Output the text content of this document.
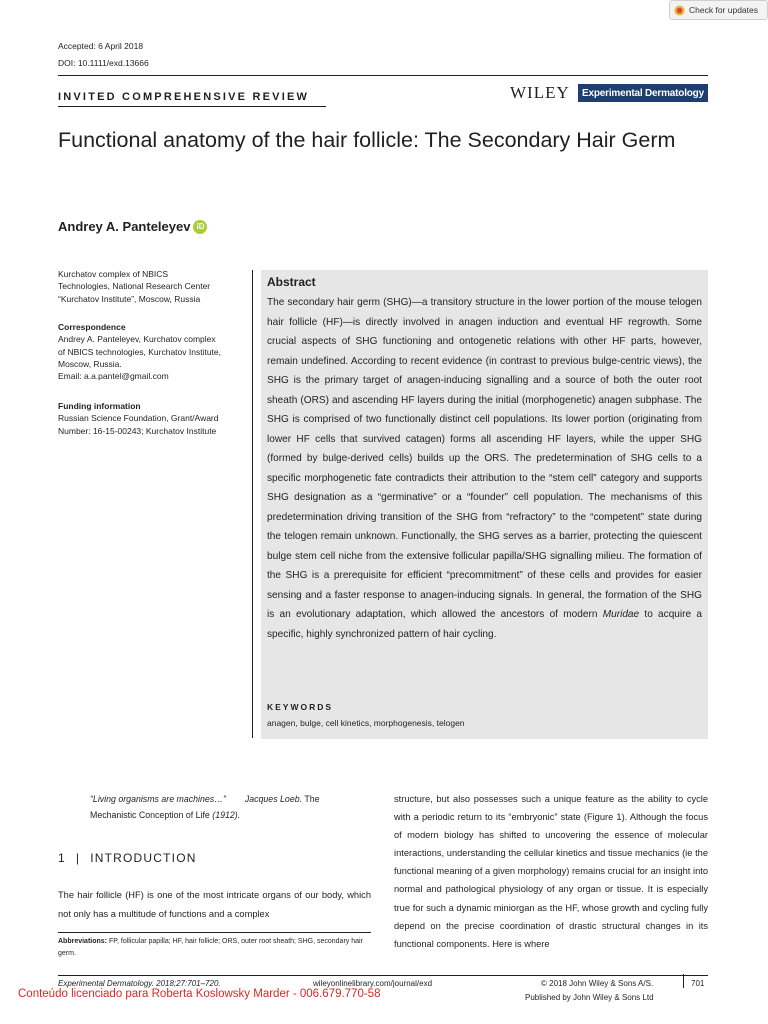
Check for updates
Accepted: 6 April 2018
DOI: 10.1111/exd.13666
INVITED COMPREHENSIVE REVIEW	WILEY	Experimental Dermatology
Functional anatomy of the hair follicle: The Secondary Hair Germ
Andrey A. Panteleyev iD
Kurchatov complex of NBICS
Technologies, National Research Center
“Kurchatov Institute”, Moscow, Russia
Correspondence
Andrey A. Panteleyev, Kurchatov complex
of NBICS technologies, Kurchatov Institute,
Moscow, Russia.
Email: a.a.pantel@gmail.com
Funding information
Russian Science Foundation, Grant/Award
Number: 16-15-00243; Kurchatov Institute
Abstract
The secondary hair germ (SHG)—a transitory structure in the lower portion of the mouse telogen hair follicle (HF)—is directly involved in anagen induction and eventual HF regrowth. Some crucial aspects of SHG functioning and ontogenetic relations with other HF parts, however, remain undefined. According to recent evidence (in contrast to previous bulge-centric views), the SHG is the primary target of anagen-inducing signalling and a source of both the outer root sheath (ORS) and ascending HF layers during the initial (morphogenetic) anagen subphase. The SHG is comprised of two functionally distinct cell populations. Its lower portion (originating from lower HF cells that survived catagen) forms all ascending HF layers, while the upper SHG (formed by bulge-derived cells) builds up the ORS. The predetermination of SHG cells to a specific morphogenetic fate contradicts their attribution to the “stem cell” category and supports SHG designation as a “germinative” or a “founder” cell population. The mechanisms of this predetermination driving transition of the SHG from “refractory” to the “competent” state during the telogen remain unknown. Functionally, the SHG serves as a barrier, protecting the quiescent bulge stem cell niche from the extensive follicular papilla/SHG signalling milieu. The formation of the SHG is a prerequisite for efficient “precommitment” of these cells and provides for easier sensing and a faster response to anagen-inducing signals. In general, the formation of the SHG is an evolutionary adaptation, which allowed the ancestors of modern Muridae to acquire a specific, highly synchronized pattern of hair cycling.
KEYWORDS
anagen, bulge, cell kinetics, morphogenesis, telogen
“Living organisms are machines…” Jacques Loeb. The Mechanistic Conception of Life (1912).
1 | INTRODUCTION
The hair follicle (HF) is one of the most intricate organs of our body, which not only has a multitude of functions and a complex
structure, but also possesses such a unique feature as the ability to cycle with a periodic return to its “embryonic” state (Figure 1). Although the focus of modern biology has shifted to uncovering the essence of molecular interactions, understanding the cellular kinetics and tissue mechanics (ie the functional meaning of a given morphology) remains crucial for an insight into normal and pathological physiology of any organ or tissue. It is especially true for such a dynamic miniorgan as the HF, whose growth and cycling fully depend on the precise coordination of drastic structural changes in its functional components. Here is where
Abbreviations: FP, follicular papilla; HF, hair follicle; ORS, outer root sheath; SHG, secondary hair germ.
Experimental Dermatology. 2018;27:701–720.	wileyonlinelibrary.com/journal/exd	© 2018 John Wiley & Sons A/S.	701
Published by John Wiley & Sons Ltd
Conteúdo licenciado para Roberta Koslowsky Marder - 006.679.770-58
